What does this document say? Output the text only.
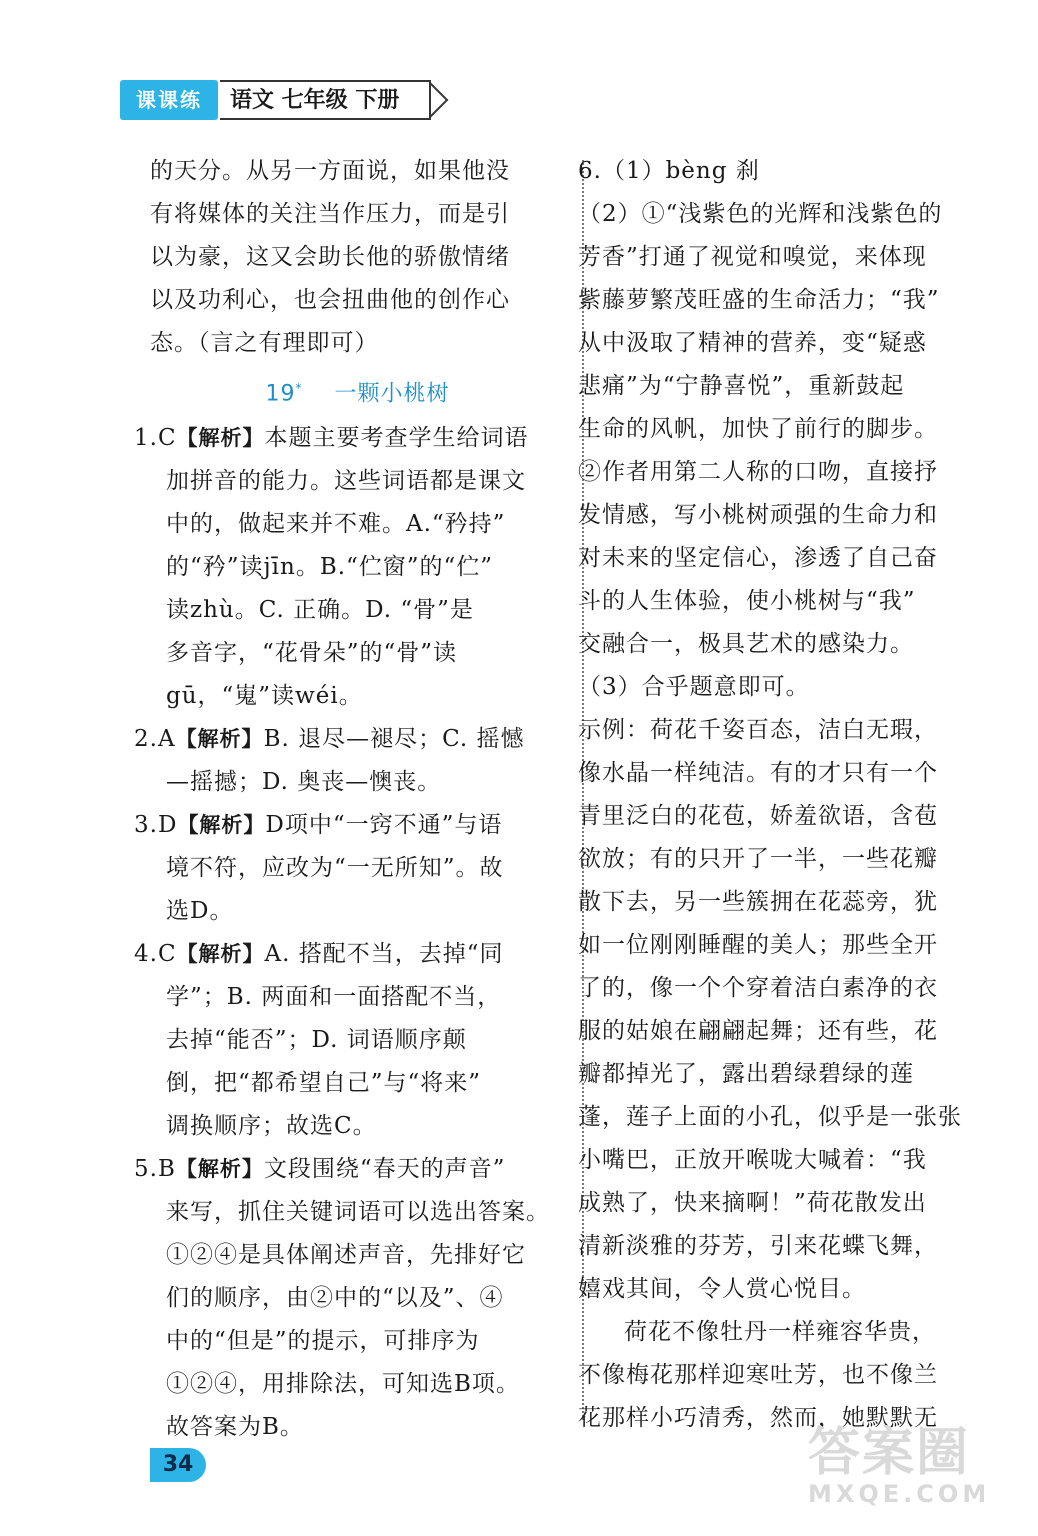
课课练	语文 七年级 下册
的天分。从另一方面说，如果他没
有将媒体的关注当作压力，而是引
以为豪，这又会助长他的骄傲情绪
以及功利心，也会扭曲他的创作心
态。（言之有理即可）
19* 一颗小桃树
1.C【解析】本题主要考查学生给词语
加拼音的能力。这些词语都是课文
中的，做起来并不难。A.“矜持”
的“矜”读jīn。B.“伫窗”的“伫”
读zhù。C. 正确。D. “骨”是
多音字，“花骨朵”的“骨”读
gū，“嵬”读wéi。
2.A【解析】B. 退尽—褪尽；C. 摇憾
—摇撼；D. 奥丧—懊丧。
3.D【解析】D项中“一窍不通”与语
境不符，应改为“一无所知”。故
选D。
4.C【解析】A. 搭配不当，去掉“同
学”；B. 两面和一面搭配不当，
去掉“能否”；D. 词语顺序颠
倒，把“都希望自己”与“将来”
调换顺序；故选C。
5.B【解析】文段围绕“春天的声音”
来写，抓住关键词语可以选出答案。
①②④是具体阐述声音，先排好它
们的顺序，由②中的“以及”、④
中的“但是”的提示，可排序为
①②④，用排除法，可知选B项。
故答案为B。
6.（1）bèng 刹
（2）①“浅紫色的光辉和浅紫色的
芳香”打通了视觉和嗅觉，来体现
紫藤萝繁茂旺盛的生命活力；“我”
从中汲取了精神的营养，变“疑惑
悲痛”为“宁静喜悦”，重新鼓起
生命的风帆，加快了前行的脚步。
②作者用第二人称的口吻，直接抒
发情感，写小桃树顽强的生命力和
对未来的坚定信心，渗透了自己奋
斗的人生体验，使小桃树与“我”
交融合一，极具艺术的感染力。
（3）合乎题意即可。
示例：荷花千姿百态，洁白无瑕，
像水晶一样纯洁。有的才只有一个
青里泛白的花苞，娇羞欲语，含苞
欲放；有的只开了一半，一些花瓣
散下去，另一些簇拥在花蕊旁，犹
如一位刚刚睡醒的美人；那些全开
了的，像一个个穿着洁白素净的衣
服的姑娘在翩翩起舞；还有些，花
瓣都掉光了，露出碧绿碧绿的莲
蓬，莲子上面的小孔，似乎是一张张
小嘴巴，正放开喉咙大喊着：“我
成熟了，快来摘啊！”荷花散发出
清新淡雅的芬芳，引来花蝶飞舞，
嬉戏其间，令人赏心悦目。
荷花不像牡丹一样雍容华贵，
不像梅花那样迎寒吐芳，也不像兰
花那样小巧清秀，然而，她默默无
34	答案圈
MXQE.COM
